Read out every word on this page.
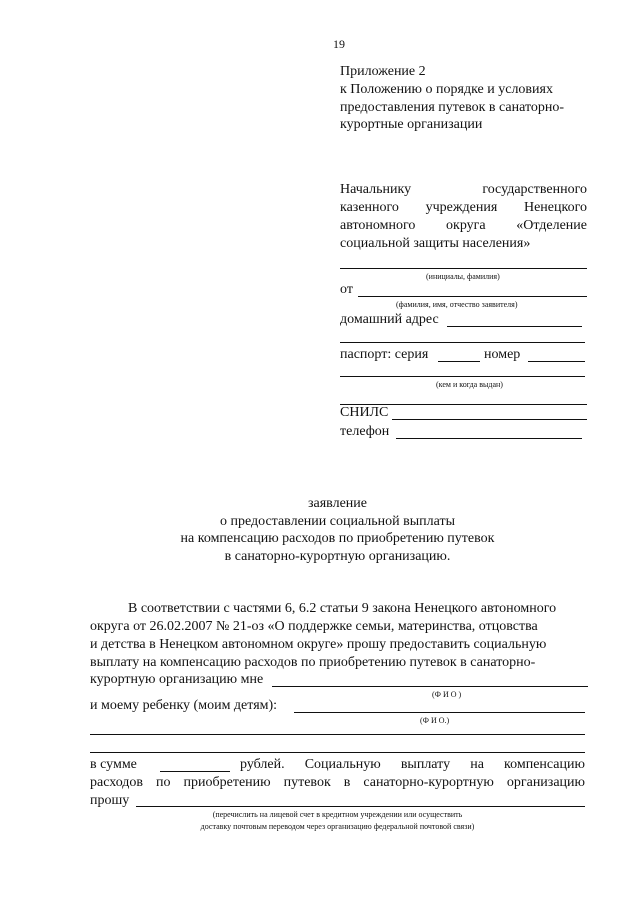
19
Приложение 2
к Положению о порядке и условиях
предоставления путевок в санаторно-
курортные организации
Начальнику	государственного
казенного учреждения Ненецкого
автономного округа «Отделение
социальной защиты населения»
(инициалы, фамилия)
от
(фамилия, имя, отчество заявителя)
домашний адрес
паспорт: серия	номер
(кем и когда выдан)
СНИЛС
телефон
заявление
о предоставлении социальной выплаты
на компенсацию расходов по приобретению путевок
в санаторно-курортную организацию.
В соответствии с частями 6, 6.2 статьи 9 закона Ненецкого автономного
округа от 26.02.2007 № 21-оз «О поддержке семьи, материнства, отцовства
и детства в Ненецком автономном округе» прошу предоставить социальную
выплату на компенсацию расходов по приобретению путевок в санаторно-
курортную организацию мне
(Ф И О )
и моему ребенку (моим детям):
(Ф И О.)
в сумме	рублей. Социальную выплату на компенсацию
расходов по приобретению путевок в санаторно-курортную организацию
прошу
(перечислить на лицевой счет в кредитном учреждении или осуществить
доставку почтовым переводом через организацию федеральной почтовой связи)
